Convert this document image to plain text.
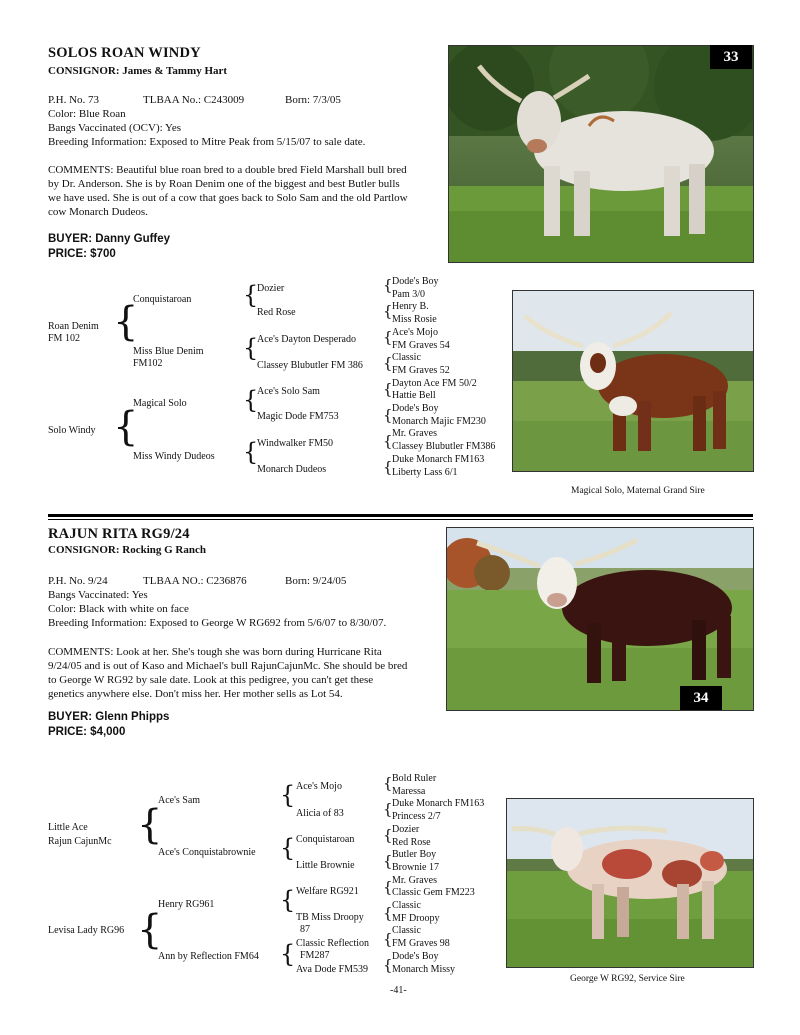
SOLOS ROAN WINDY
CONSIGNOR: James & Tammy Hart
P.H. No. 73	TLBAA No.: C243009	Born: 7/3/05
Color: Blue Roan
Bangs Vaccinated (OCV): Yes
Breeding Information: Exposed to Mitre Peak from 5/15/07 to sale date.
COMMENTS: Beautiful blue roan bred to a double bred Field Marshall bull bred
by Dr. Anderson. She is by Roan Denim one of the biggest and best Butler bulls
we have used. She is out of a cow that goes back to Solo Sam and the old Partlow
cow Monarch Dudeos.
BUYER: Danny Guffey
PRICE: $700
33
Roan Denim
FM 102
Solo Windy
{
{
Conquistaroan
Miss Blue Denim
FM102
Magical Solo
Miss Windy Dudeos
{
{
{
{
Dozier
Red Rose
Ace's Dayton Desperado
Classey Blubutler FM 386
Ace's Solo Sam
Magic Dode FM753
Windwalker FM50
Monarch Dudeos
{
{
{
{
{
{
{
{
Dode's Boy
Pam 3/0
Henry B.
Miss Rosie
Ace's Mojo
FM Graves 54
Classic
FM Graves 52
Dayton Ace FM 50/2
Hattie Bell
Dode's Boy
Monarch Majic FM230
Mr. Graves
Classey Blubutler FM386
Duke Monarch FM163
Liberty Lass 6/1
Magical Solo, Maternal Grand Sire
RAJUN RITA RG9/24
CONSIGNOR: Rocking G Ranch
P.H. No. 9/24	TLBAA NO.: C236876	Born: 9/24/05
Bangs Vaccinated: Yes
Color: Black with white on face
Breeding Information: Exposed to George W RG692 from 5/6/07 to 8/30/07.
COMMENTS: Look at her. She's tough she was born during Hurricane Rita
9/24/05 and is out of Kaso and Michael's bull RajunCajunMc. She should be bred
to George W RG92 by sale date. Look at this pedigree, you can't get these
genetics anywhere else. Don't miss her. Her mother sells as Lot 54.
BUYER: Glenn Phipps
PRICE: $4,000
34
Little Ace
Rajun CajunMc
Levisa Lady RG96
{
{
Ace's Sam
Ace's Conquistabrownie
Henry RG961
Ann by Reflection FM64
{
{
{
{
Ace's Mojo
Alicia of 83
Conquistaroan
Little Brownie
Welfare RG921
TB Miss Droopy
87
Classic Reflection
FM287
Ava Dode FM539
{
{
{
{
{
{
{
{
Bold Ruler
Maressa
Duke Monarch FM163
Princess 2/7
Dozier
Red Rose
Butler Boy
Brownie 17
Mr. Graves
Classic Gem FM223
Classic
MF Droopy
Classic
FM Graves 98
Dode's Boy
Monarch Missy
George W RG92, Service Sire
-41-
